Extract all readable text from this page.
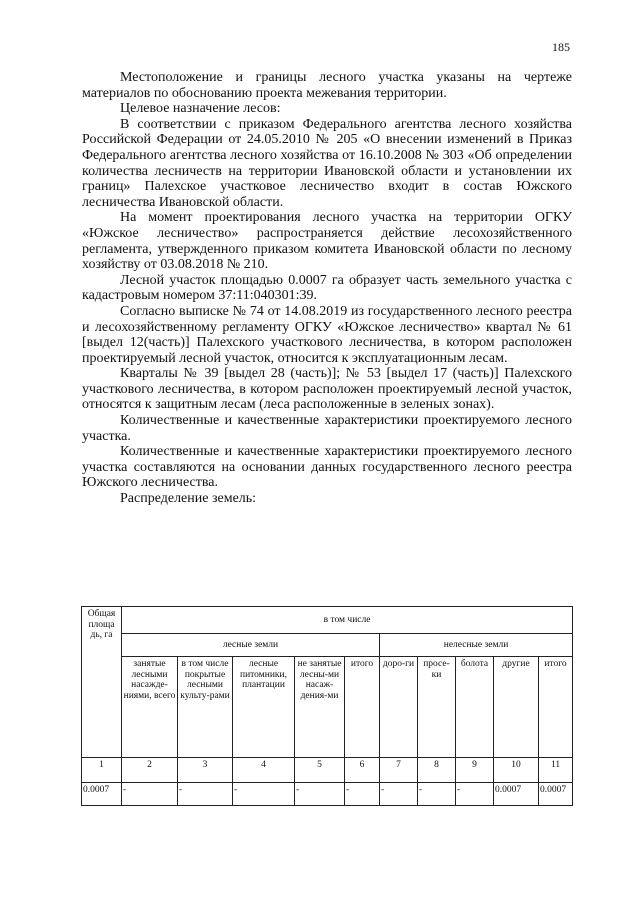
185

Местоположение и границы лесного участка указаны на чертеже материалов по обоснованию проекта межевания территории.

Целевое назначение лесов:

В соответствии с приказом Федерального агентства лесного хозяйства Российской Федерации от 24.05.2010 № 205 «О внесении изменений в Приказ Федерального агентства лесного хозяйства от 16.10.2008 № 303 «Об определении количества лесничеств на территории Ивановской области и установлении их границ» Палехское участковое лесничество входит в состав Южского лесничества Ивановской области.

На момент проектирования лесного участка на территории ОГКУ «Южское лесничество» распространяется действие лесохозяйственного регламента, утвержденного приказом комитета Ивановской области по лесному хозяйству от 03.08.2018 № 210.

Лесной участок площадью 0.0007 га образует часть земельного участка с кадастровым номером 37:11:040301:39.

Согласно выписке № 74 от 14.08.2019 из государственного лесного реестра и лесохозяйственному регламенту ОГКУ «Южское лесничество» квартал № 61 [выдел 12(часть)] Палехского участкового лесничества, в котором расположен проектируемый лесной участок, относится к эксплуатационным лесам.

Кварталы № 39 [выдел 28 (часть)]; № 53 [выдел 17 (часть)] Палехского участкового лесничества, в котором расположен проектируемый лесной участок, относятся к защитным лесам (леса расположенные в зеленых зонах).

Количественные и качественные характеристики проектируемого лесного участка.

Количественные и качественные характеристики проектируемого лесного участка составляются на основании данных государственного лесного реестра Южского лесничества.

Распределение земель:

Общая площа дь, га	в том числе									
	лесные земли					нелесные земли				
	занятые лесными насажде-ниями, всего	в том числе покрытые лесными культу-рами	лесные питомники, плантации	не занятые лесны-ми насаж-дения-ми	итого	доро-ги	просе-ки	болота	другие	итого
1	2	3	4	5	6	7	8	9	10	11
0.0007	-	-	-	-	-	-	-	-	0.0007	0.0007
